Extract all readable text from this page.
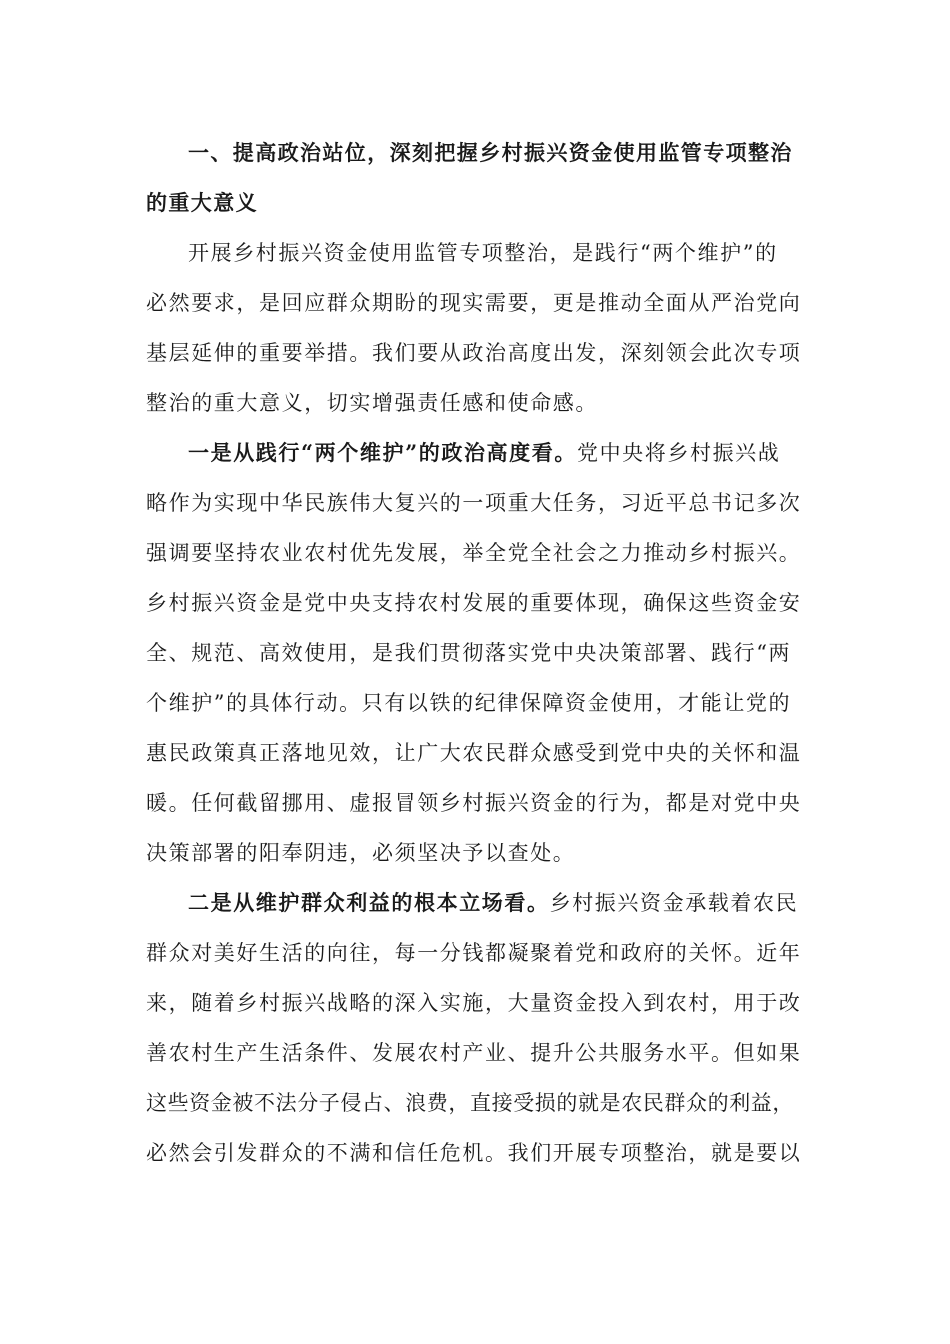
一、提高政治站位，深刻把握乡村振兴资金使用监管专项整治
的重大意义
开展乡村振兴资金使用监管专项整治，是践行“两个维护”的
必然要求，是回应群众期盼的现实需要，更是推动全面从严治党向
基层延伸的重要举措。我们要从政治高度出发，深刻领会此次专项
整治的重大意义，切实增强责任感和使命感。
一是从践行“两个维护”的政治高度看。党中央将乡村振兴战
略作为实现中华民族伟大复兴的一项重大任务，习近平总书记多次
强调要坚持农业农村优先发展，举全党全社会之力推动乡村振兴。
乡村振兴资金是党中央支持农村发展的重要体现，确保这些资金安
全、规范、高效使用，是我们贯彻落实党中央决策部署、践行“两
个维护”的具体行动。只有以铁的纪律保障资金使用，才能让党的
惠民政策真正落地见效，让广大农民群众感受到党中央的关怀和温
暖。任何截留挪用、虚报冒领乡村振兴资金的行为，都是对党中央
决策部署的阳奉阴违，必须坚决予以查处。
二是从维护群众利益的根本立场看。乡村振兴资金承载着农民
群众对美好生活的向往，每一分钱都凝聚着党和政府的关怀。近年
来，随着乡村振兴战略的深入实施，大量资金投入到农村，用于改
善农村生产生活条件、发展农村产业、提升公共服务水平。但如果
这些资金被不法分子侵占、浪费，直接受损的就是农民群众的利益，
必然会引发群众的不满和信任危机。我们开展专项整治，就是要以
